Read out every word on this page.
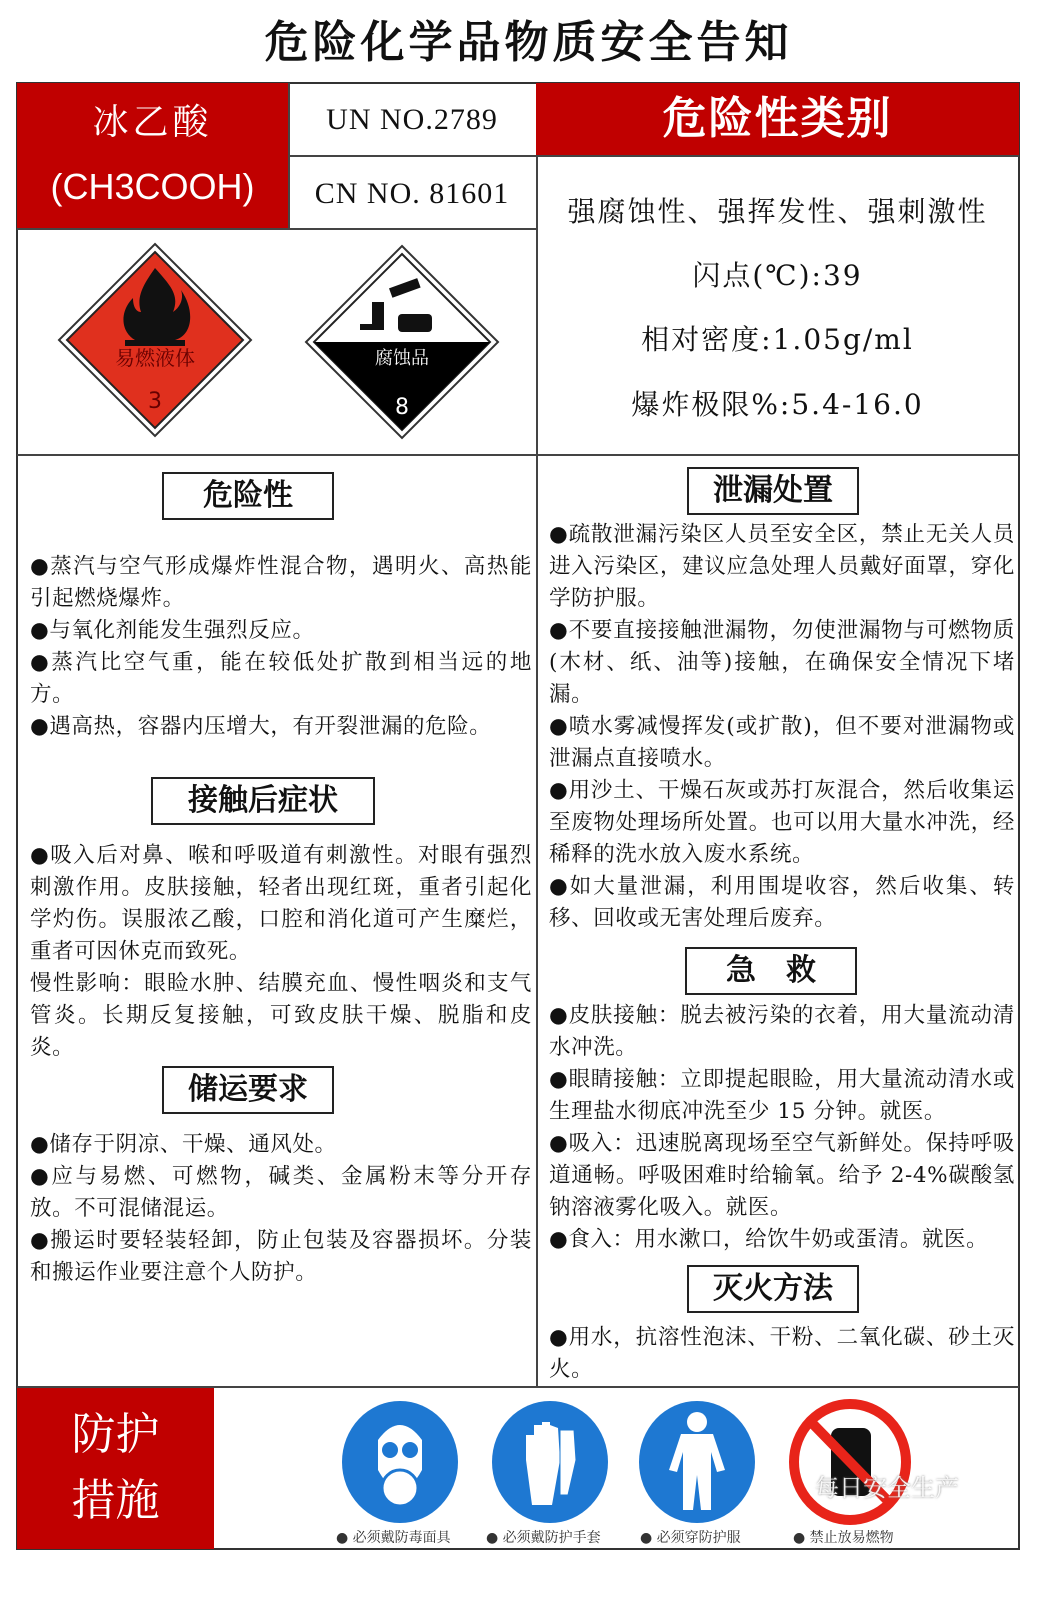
危险化学品物质安全告知
冰乙酸
(CH3COOH)
UN NO.2789
CN NO. 81601
危险性类别
易燃液体
3
腐蚀品
8
强腐蚀性、强挥发性、强刺激性
闪点(℃):39
相对密度:1.05g/ml
爆炸极限%:5.4-16.0
危险性

●蒸汽与空气形成爆炸性混合物，遇明火、高热能引起燃烧爆炸。

●与氧化剂能发生强烈反应。

●蒸汽比空气重，能在较低处扩散到相当远的地方。

●遇高热，容器内压增大，有开裂泄漏的危险。

接触后症状

●吸入后对鼻、喉和呼吸道有刺激性。对眼有强烈刺激作用。皮肤接触，轻者出现红斑，重者引起化学灼伤。误服浓乙酸，口腔和消化道可产生糜烂，重者可因休克而致死。

慢性影响：眼睑水肿、结膜充血、慢性咽炎和支气管炎。长期反复接触，可致皮肤干燥、脱脂和皮炎。

储运要求

●储存于阴凉、干燥、通风处。

●应与易燃、可燃物，碱类、金属粉末等分开存放。不可混储混运。

●搬运时要轻装轻卸，防止包装及容器损坏。分装和搬运作业要注意个人防护。

泄漏处置

●疏散泄漏污染区人员至安全区，禁止无关人员进入污染区，建议应急处理人员戴好面罩，穿化学防护服。

●不要直接接触泄漏物，勿使泄漏物与可燃物质(木材、纸、油等)接触，在确保安全情况下堵漏。

●喷水雾减慢挥发(或扩散)，但不要对泄漏物或泄漏点直接喷水。

●用沙土、干燥石灰或苏打灰混合，然后收集运至废物处理场所处置。也可以用大量水冲洗，经稀释的洗水放入废水系统。

●如大量泄漏，利用围堤收容，然后收集、转移、回收或无害处理后废弃。

急　救

●皮肤接触：脱去被污染的衣着，用大量流动清水冲洗。

●眼睛接触：立即提起眼睑，用大量流动清水或生理盐水彻底冲洗至少 15 分钟。就医。

●吸入：迅速脱离现场至空气新鲜处。保持呼吸道通畅。呼吸困难时给输氧。给予 2-4%碳酸氢钠溶液雾化吸入。就医。

●食入：用水漱口，给饮牛奶或蛋清。就医。

灭火方法

●用水，抗溶性泡沫、干粉、二氧化碳、砂土灭火。

防护
措施
● 必须戴防毒面具	● 必须戴防护手套	● 必须穿防护服	● 禁止放易燃物
每日安全生产
